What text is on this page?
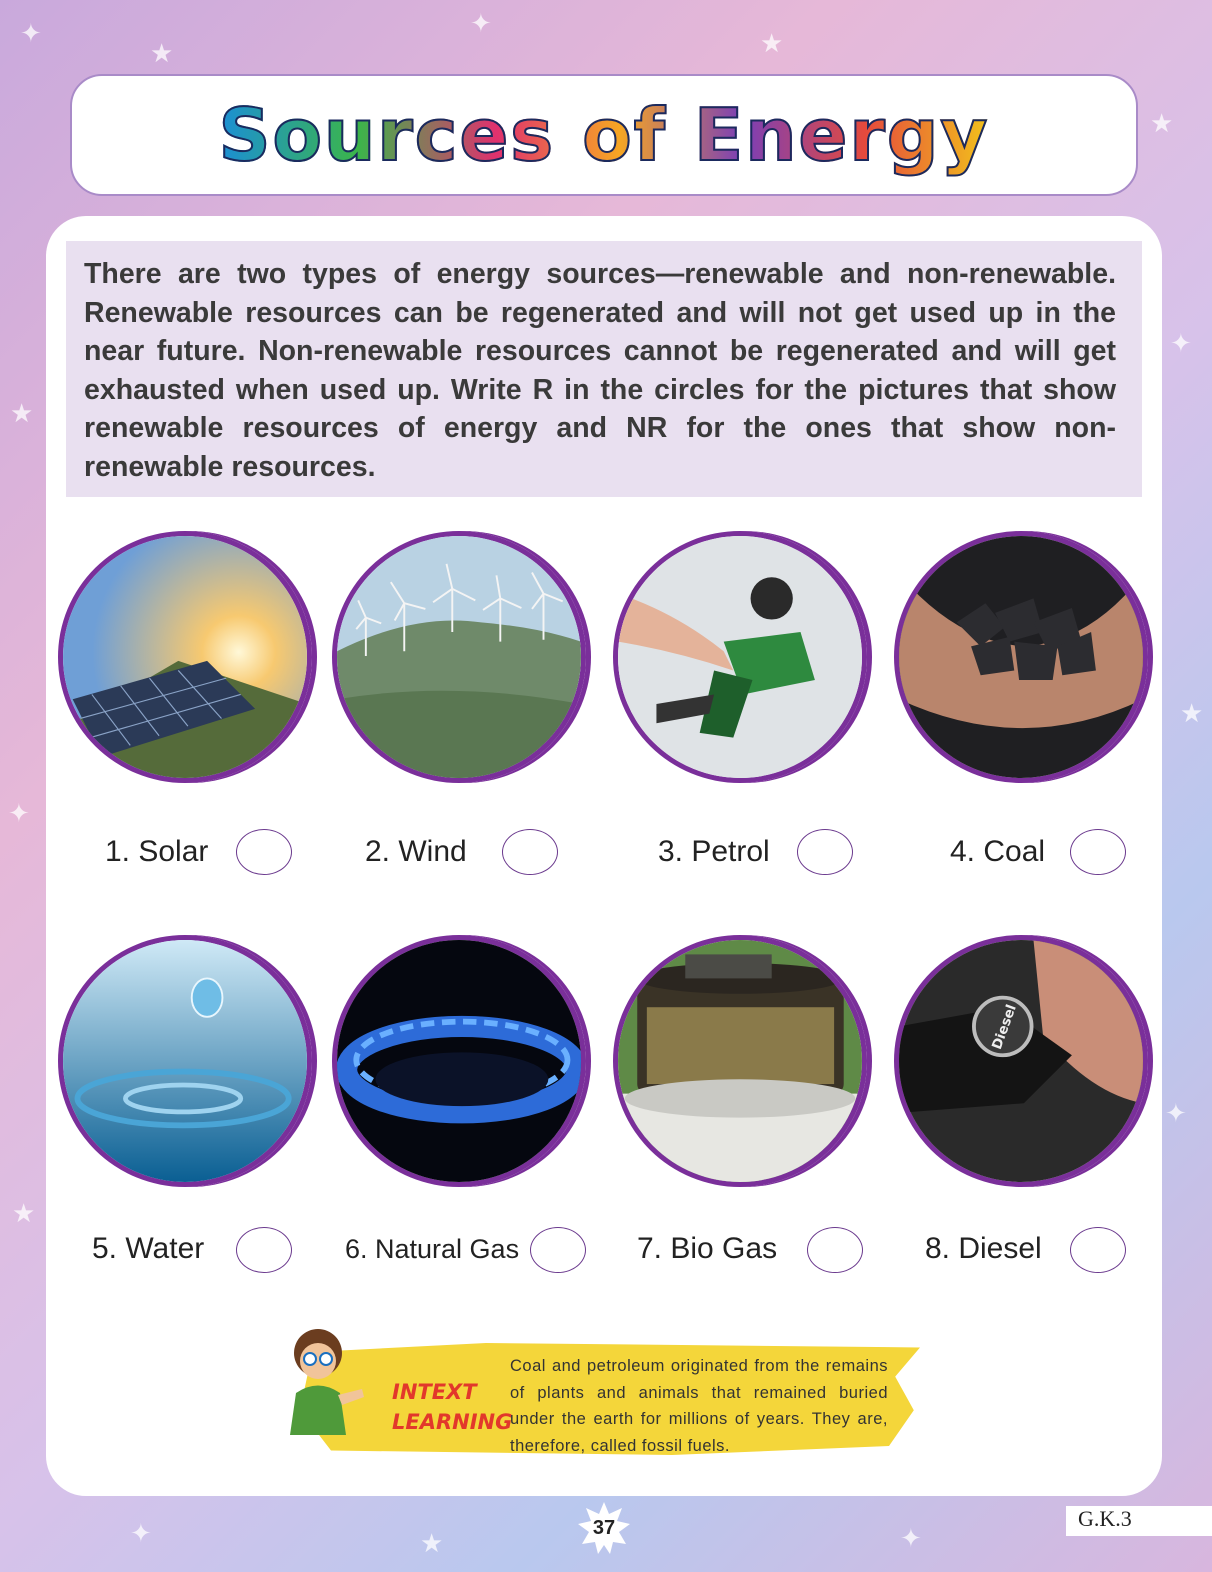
✦
★
✦
★
★
✦
★
✦
★
✦
★
✦	★	✦
Sources of Energy
There are two types of energy sources—renewable and non-renewable. Renewable resources can be regenerated and will not get used up in the near future. Non-renewable resources cannot be regenerated and will get exhausted when used up. Write R in the circles for the pictures that show renewable resources of energy and NR for the ones that show non-renewable resources.
1. Solar	2. Wind	3. Petrol	4. Coal
Diesel
5. Water	6. Natural Gas	7. Bio Gas	8. Diesel
INTEXT
LEARNING
Coal and petroleum originated from the remains of plants and animals that remained buried under the earth for millions of years. They are, therefore, called fossil fuels.
37	G.K.3
